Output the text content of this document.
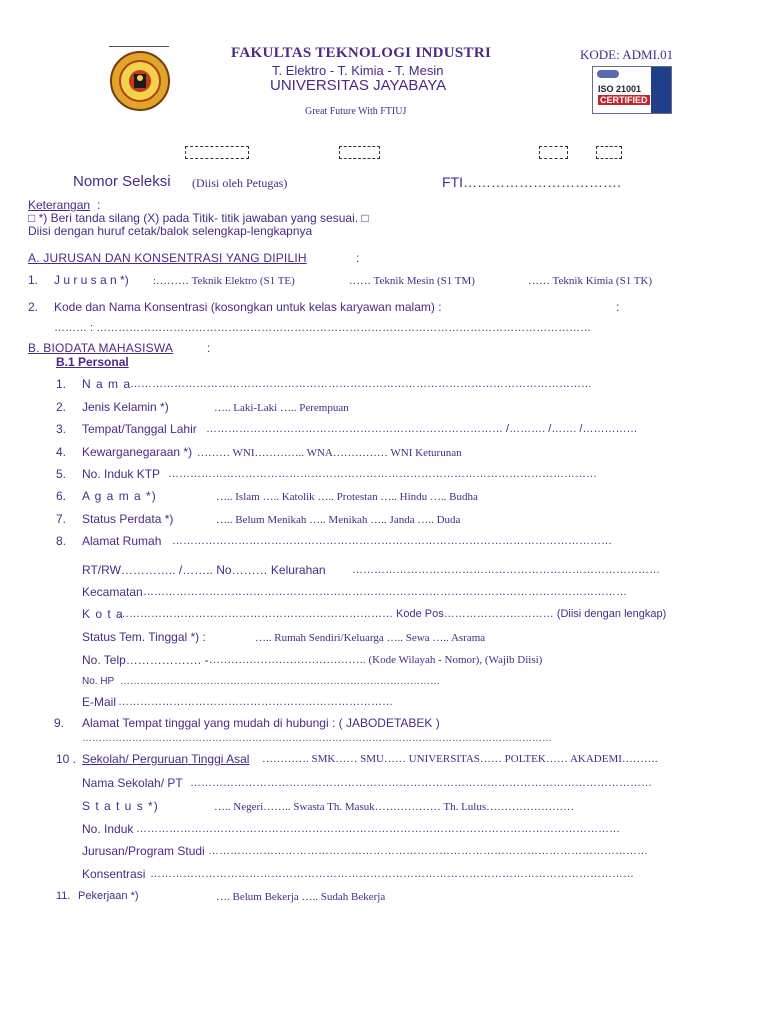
FAKULTAS TEKNOLOGI INDUSTRI
T. Elektro - T. Kimia - T. Mesin
UNIVERSITAS JAYABAYA
Great Future With FTIUJ
KODE: ADMI.01
ISO 21001
CERTIFIED
Nomor Seleksi (Diisi oleh Petugas)	FTI…………………………….
Keterangan :
□ *) Beri tanda silang (X) pada Titik- titik jawaban yang sesuai. □
Diisi dengan huruf cetak/balok selengkap-lengkapnya
A. JURUSAN DAN KONSENTRASI YANG DIPILIH	:
1. J u r u s a n *) :……… Teknik Elektro (S1 TE)	…… Teknik Mesin (S1 TM)	…… Teknik Kimia (S1 TK)
2. Kode dan Nama Konsentrasi (kosongkan untuk kelas karyawan malam) :	:
……… : ………………………………………………………………………………………………………………………
B. BIODATA MAHASISWA	:
B.1 Personal
1. N a m a
………………………………………………………………………………………………………………
2. Jenis Kelamin *)	….. Laki-Laki ….. Perempuan
3. Tempat/Tanggal Lahir ……………………………………………………………………… /………. /……. /……………
4. Kewarganegaraan *) ……… WNI………….. WNA…………… WNI Keturunan
5. No. Induk KTP ………………………………………………………………………………………………………
6. A g a m a *)	….. Islam ….. Katolik ….. Protestan ….. Hindu ….. Budha
7. Status Perdata *)	….. Belum Menikah ….. Menikah ….. Janda ….. Duda
8. Alamat Rumah …………………………………………………………………………………………………………
RT/RW………….. /…….. No……… Kelurahan …………………………………………………………………………
Kecamatan ……………………………………………………………………………………………………………………
K o t a
………………………………………………………………… Kode Pos………………………… (Diisi dengan lengkap)
Status Tem. Tinggal *) :	….. Rumah Sendiri/Keluarga ….. Sewa ….. Asrama
No. Telp………………. - ……………………………………. (Kode Wilayah - Nomor), (Wajib Diisi)
No. HP ……………………………………………………………………………………
E-Mail …………………………………………………………………
9. Alamat Tempat tinggal yang mudah di hubungi : ( JABODETABEK )
……………………………………………………………………………………………………………………………
10 . Sekolah/ Perguruan Tinggi Asal …………. SMK…… SMU…… UNIVERSITAS…… POLTEK…… AKADEMI……….
Nama Sekolah/ PT ………………………………………………………………………………………………………………
S t a t u s *)	….. Negeri…….. Swasta Th. Masuk……………… Th. Lulus……………………
No. Induk ……………………………………………………………………………………………………………………
Jurusan/Program Studi …………………………………………………………………………………………………………
Konsentrasi ……………………………………………………………………………………………………………………
11. Pekerjaan *)	…. Belum Bekerja ….. Sudah Bekerja
